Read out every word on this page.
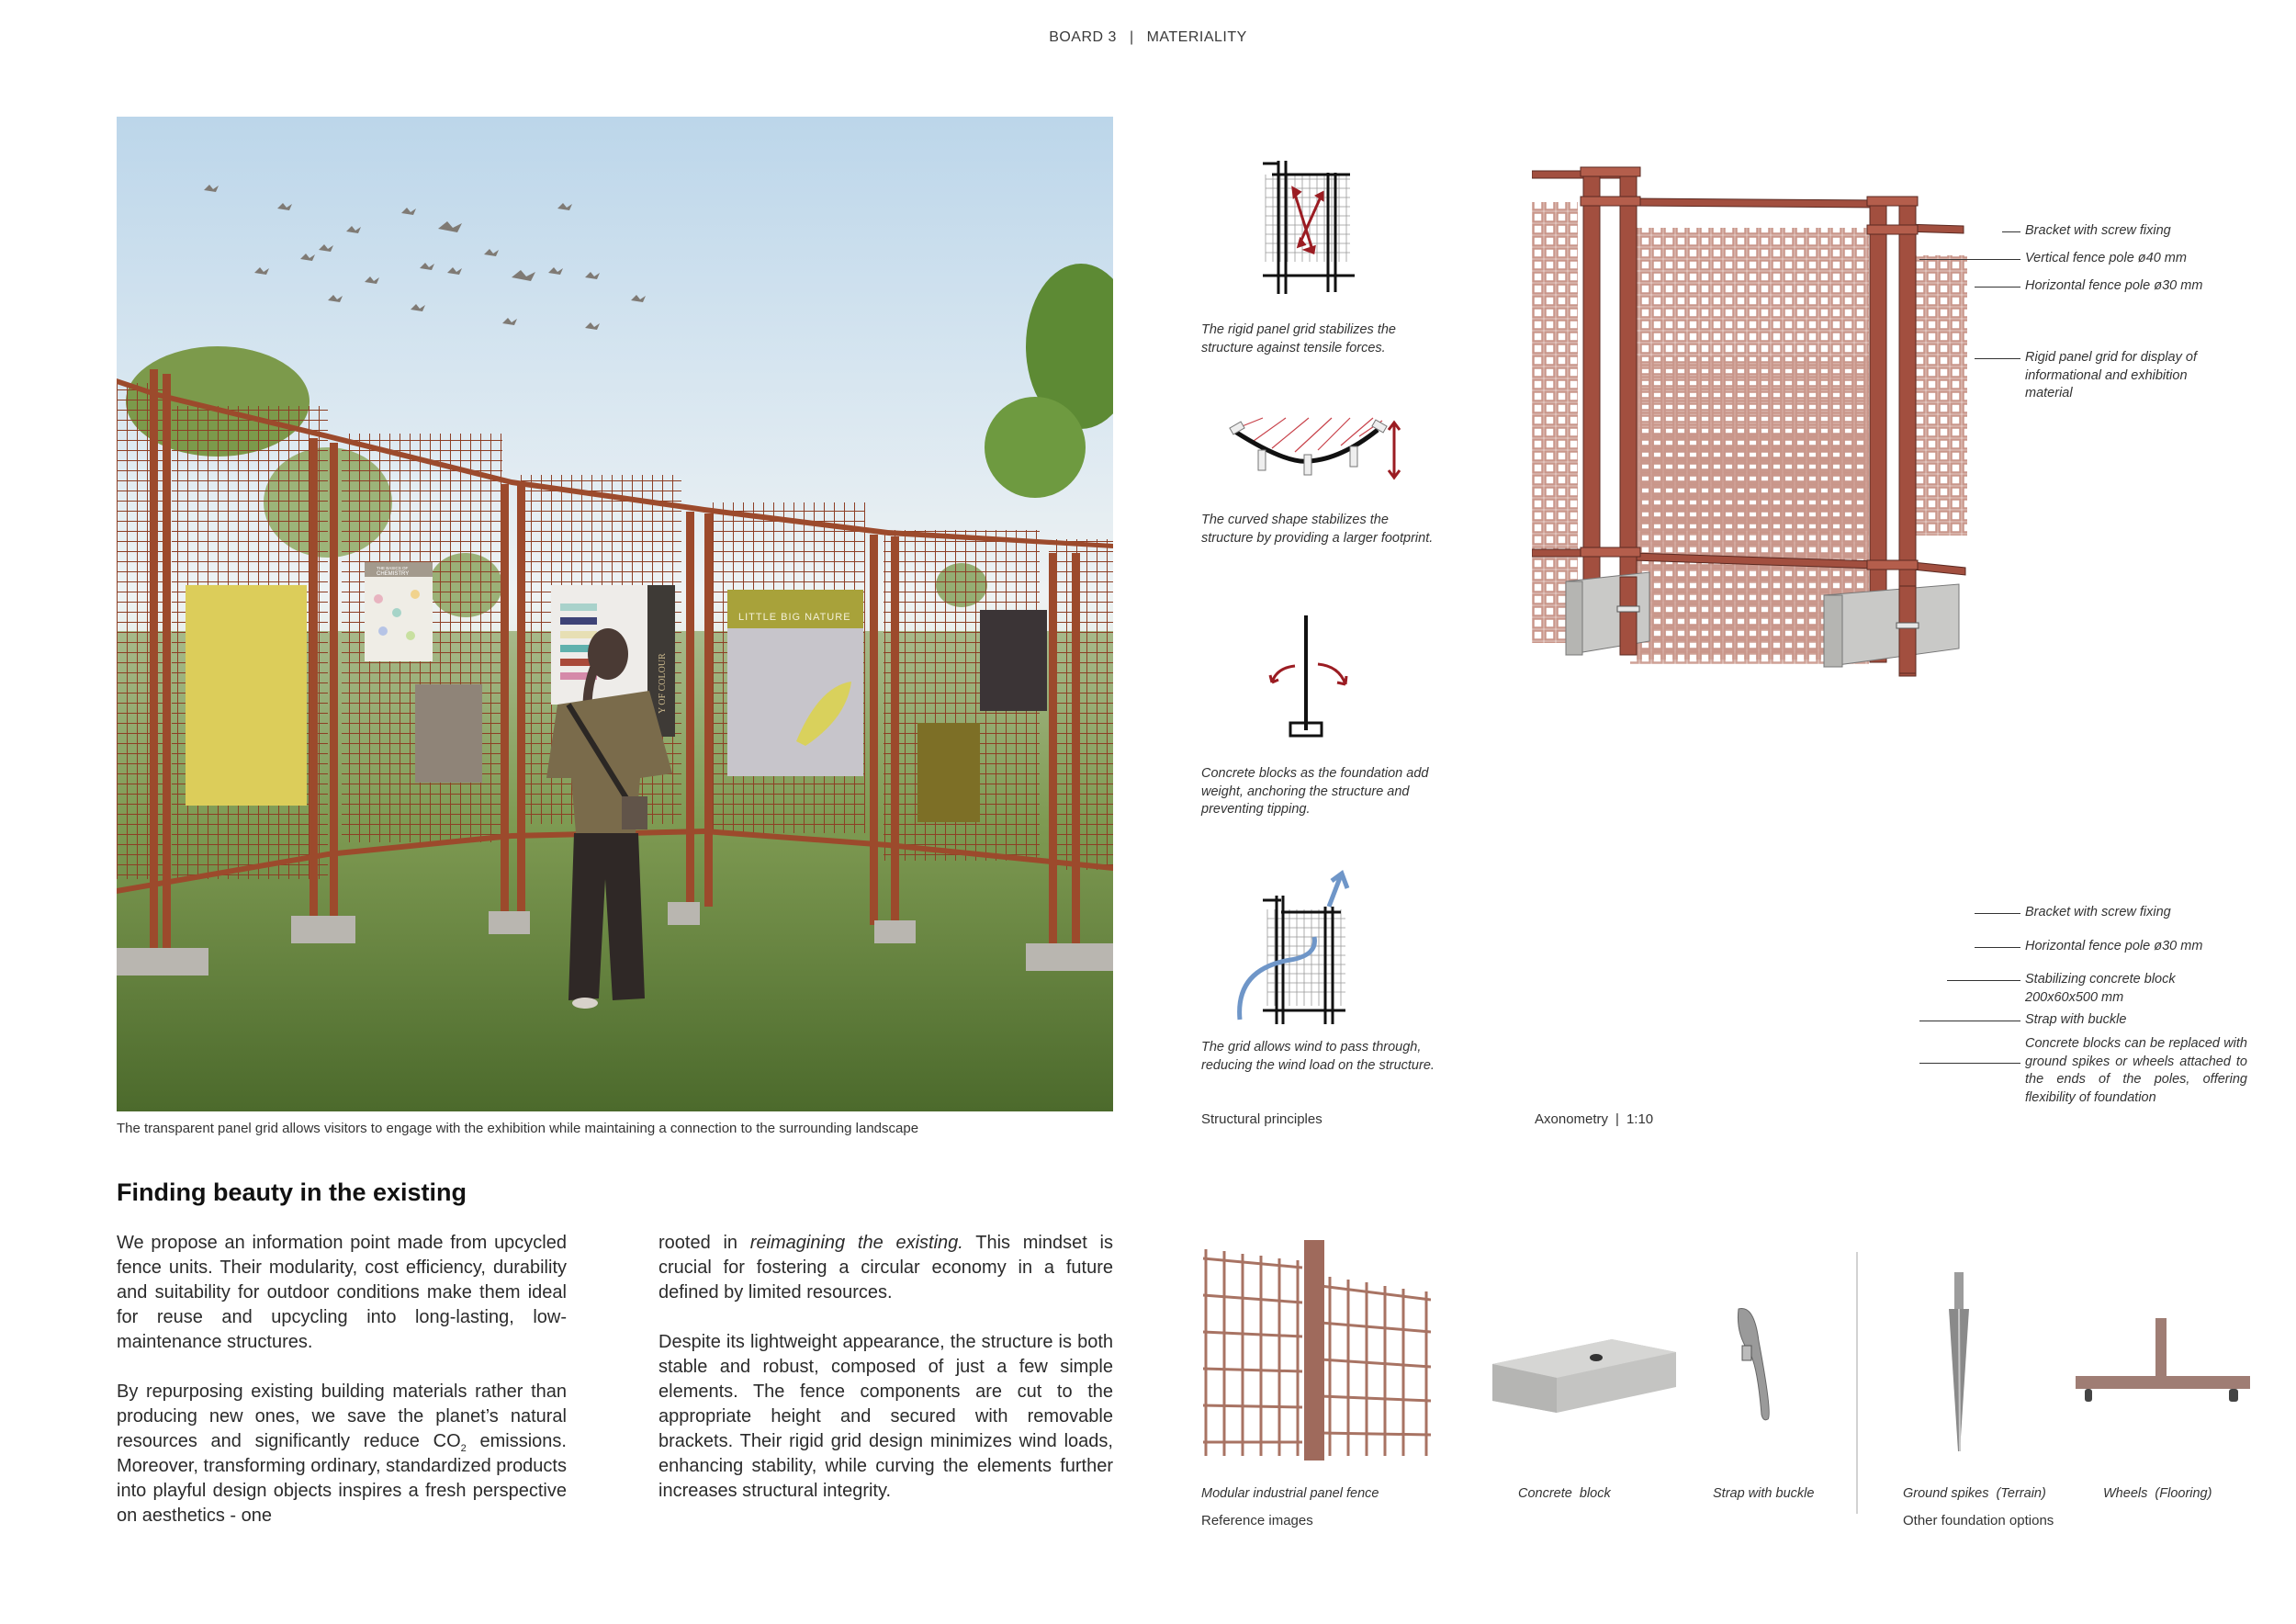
BOARD 3 | MATERIALITY
THE BASICS OF
CHEMISTRY
Y OF COLOUR
LITTLE BIG NATURE
The transparent panel grid allows visitors to engage with the exhibition while maintaining a connection to the surrounding landscape
Finding beauty in the existing

We propose an information point made from upcycled fence units. Their modularity, cost efficiency, durability and suitability for outdoor conditions make them ideal for reuse and upcycling into long-lasting, low-maintenance structures.

By repurposing existing building materials rather than producing new ones, we save the planet’s natural resources and significantly reduce $CO_2$ emissions. Moreover, transforming ordinary, standardized products into playful design objects inspires a fresh perspective on aesthetics - one

rooted in reimagining the existing. This mindset is crucial for fostering a circular economy in a future defined by limited resources.

Despite its lightweight appearance, the structure is both stable and robust, composed of just a few simple elements. The fence components are cut to the appropriate height and secured with removable brackets. Their rigid grid design minimizes wind loads, enhancing stability, while curving the elements further increases structural integrity.

The rigid panel grid stabilizes the structure against tensile forces.
The curved shape stabilizes the structure by providing a larger footprint.
Concrete blocks as the foundation add weight, anchoring the structure and preventing tipping.
The grid allows wind to pass through, reducing the wind load on the structure.
Structural principles
Bracket with screw fixing
Vertical fence pole ø40 mm
Horizontal fence pole ø30 mm
Rigid panel grid for display of informational and exhibition material
Bracket with screw fixing
Horizontal fence pole ø30 mm
Stabilizing concrete block 200x60x500 mm
Strap with buckle
Concrete blocks can be replaced with ground spikes or wheels attached to the ends of the poles, offering flexibility of foundation
Axonometry | 1:10
Modular industrial panel fence	Concrete  block	Strap with buckle
Reference images
Ground spikes  (Terrain)	Wheels  (Flooring)
Other foundation options
